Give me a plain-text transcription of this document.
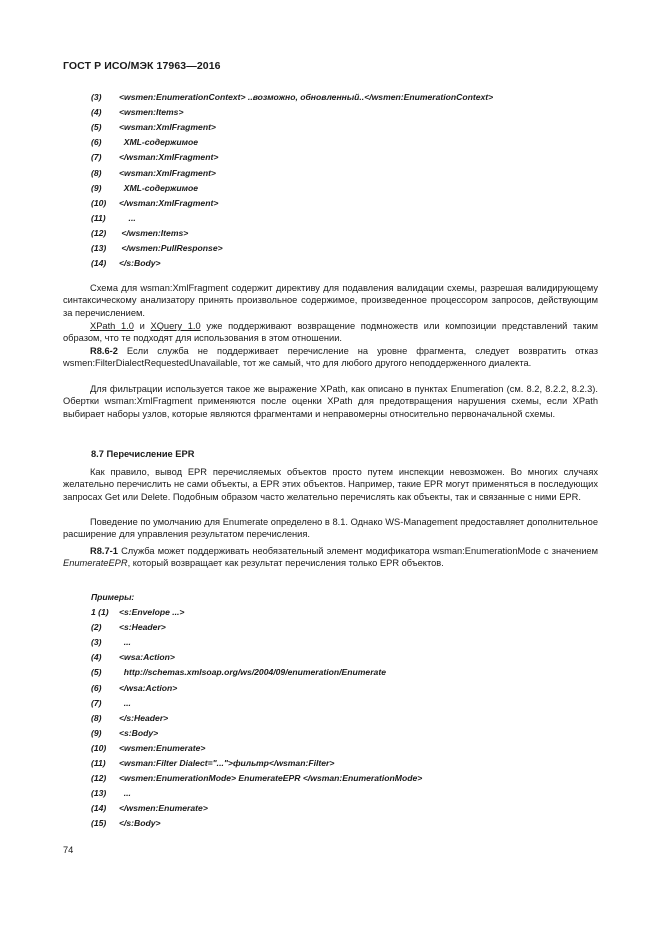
ГОСТ Р ИСО/МЭК 17963—2016
(3) <wsmen:EnumerationContext> ..возможно, обновленный..</wsmen:EnumerationContext>
(4) <wsmen:Items>
(5) <wsman:XmlFragment>
(6)  XML-содержимое
(7) </wsman:XmlFragment>
(8) <wsman:XmlFragment>
(9)  XML-содержимое
(10) </wsman:XmlFragment>
(11)    ...
(12) </wsmen:Items>
(13) </wsmen:PullResponse>
(14) </s:Body>
Схема для wsman:XmlFragment содержит директиву для подавления валидации схемы, разрешая валидирующему синтаксическому анализатору принять произвольное содержимое, произведенное процессором запросов, действующим за перечислением.
XPath 1.0 и XQuery 1.0 уже поддерживают возвращение подмножеств или композиции представлений таким образом, что те подходят для использования в этом отношении.
R8.6-2 Если служба не поддерживает перечисление на уровне фрагмента, следует возвратить отказ wsmen:FilterDialectRequestedUnavailable, тот же самый, что для любого другого неподдерженного диалекта.
Для фильтрации используется такое же выражение XPath, как описано в пунктах Enumeration (см. 8.2, 8.2.2, 8.2.3). Обертки wsman:XmlFragment применяются после оценки XPath для предотвращения нарушения схемы, если XPath выбирает наборы узлов, которые являются фрагментами и неправомерны относительно первоначальной схемы.
8.7 Перечисление EPR
Как правило, вывод EPR перечисляемых объектов просто путем инспекции невозможен. Во многих случаях желательно перечислить не сами объекты, а EPR этих объектов. Например, такие EPR могут применяться в последующих запросах Get или Delete. Подобным образом часто желательно перечислять как объекты, так и связанные с ними EPR.
Поведение по умолчанию для Enumerate определено в 8.1. Однако WS-Management предоставляет дополнительное расширение для управления результатом перечисления.
R8.7-1 Служба может поддерживать необязательный элемент модификатора wsman:EnumerationMode с значением EnumerateEPR, который возвращает как результат перечисления только EPR объектов.
Примеры:
1 (1) <s:Envelope ...>
(2) <s:Header>
(3)  ...
(4) <wsa:Action>
(5)  http://schemas.xmlsoap.org/ws/2004/09/enumeration/Enumerate
(6) </wsa:Action>
(7)  ...
(8) </s:Header>
(9) <s:Body>
(10) <wsmen:Enumerate>
(11) <wsman:Filter Dialect="...">фильтр</wsman:Filter>
(12) <wsmen:EnumerationMode> EnumerateEPR </wsman:EnumerationMode>
(13)  ...
(14) </wsmen:Enumerate>
(15) </s:Body>
74
